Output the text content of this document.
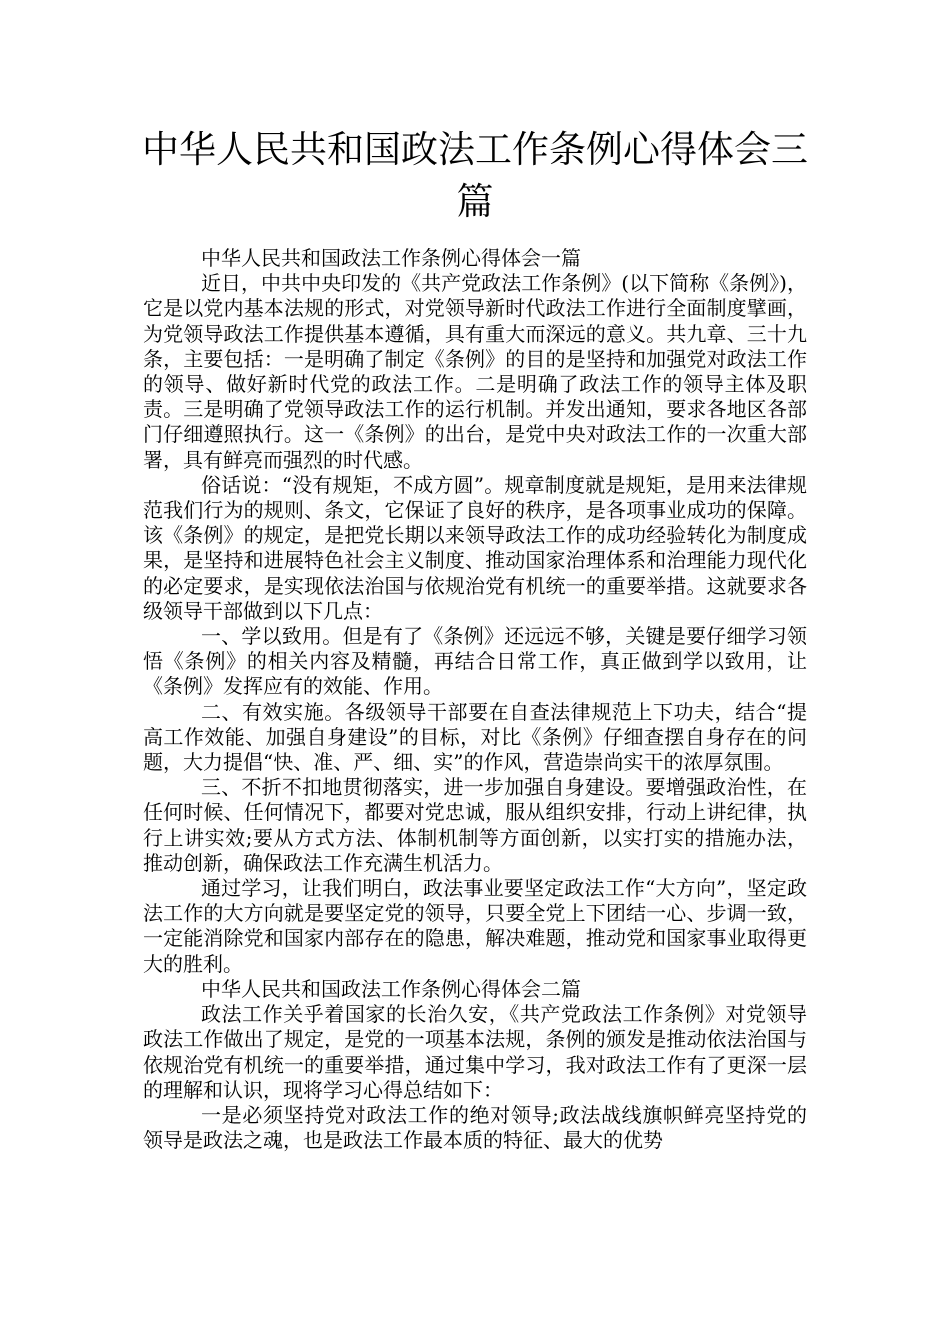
中华人民共和国政法工作条例心得体会三篇

中华人民共和国政法工作条例心得体会一篇

近日，中共中央印发的《共产党政法工作条例》(以下简称《条例》)，它是以党内基本法规的形式，对党领导新时代政法工作进行全面制度擘画，为党领导政法工作提供基本遵循，具有重大而深远的意义。共九章、三十九条，主要包括：一是明确了制定《条例》的目的是坚持和加强党对政法工作的领导、做好新时代党的政法工作。二是明确了政法工作的领导主体及职责。三是明确了党领导政法工作的运行机制。并发出通知，要求各地区各部门仔细遵照执行。这一《条例》的出台，是党中央对政法工作的一次重大部署，具有鲜亮而强烈的时代感。

俗话说：“没有规矩，不成方圆”。规章制度就是规矩，是用来法律规范我们行为的规则、条文，它保证了良好的秩序，是各项事业成功的保障。该《条例》的规定，是把党长期以来领导政法工作的成功经验转化为制度成果，是坚持和进展特色社会主义制度、推动国家治理体系和治理能力现代化的必定要求，是实现依法治国与依规治党有机统一的重要举措。这就要求各级领导干部做到以下几点：

一、学以致用。但是有了《条例》还远远不够，关键是要仔细学习领悟《条例》的相关内容及精髓，再结合日常工作，真正做到学以致用，让《条例》发挥应有的效能、作用。

二、有效实施。各级领导干部要在自查法律规范上下功夫，结合“提高工作效能、加强自身建设”的目标，对比《条例》仔细查摆自身存在的问题，大力提倡“快、准、严、细、实”的作风，营造崇尚实干的浓厚氛围。

三、不折不扣地贯彻落实，进一步加强自身建设。要增强政治性，在任何时候、任何情况下，都要对党忠诚，服从组织安排，行动上讲纪律，执行上讲实效;要从方式方法、体制机制等方面创新，以实打实的措施办法，推动创新，确保政法工作充满生机活力。

通过学习，让我们明白，政法事业要坚定政法工作“大方向”，坚定政法工作的大方向就是要坚定党的领导，只要全党上下团结一心、步调一致，一定能消除党和国家内部存在的隐患，解决难题，推动党和国家事业取得更大的胜利。

中华人民共和国政法工作条例心得体会二篇

政法工作关乎着国家的长治久安，《共产党政法工作条例》对党领导政法工作做出了规定，是党的一项基本法规，条例的颁发是推动依法治国与依规治党有机统一的重要举措，通过集中学习，我对政法工作有了更深一层的理解和认识，现将学习心得总结如下：

一是必须坚持党对政法工作的绝对领导;政法战线旗帜鲜亮坚持党的领导是政法之魂，也是政法工作最本质的特征、最大的优势
